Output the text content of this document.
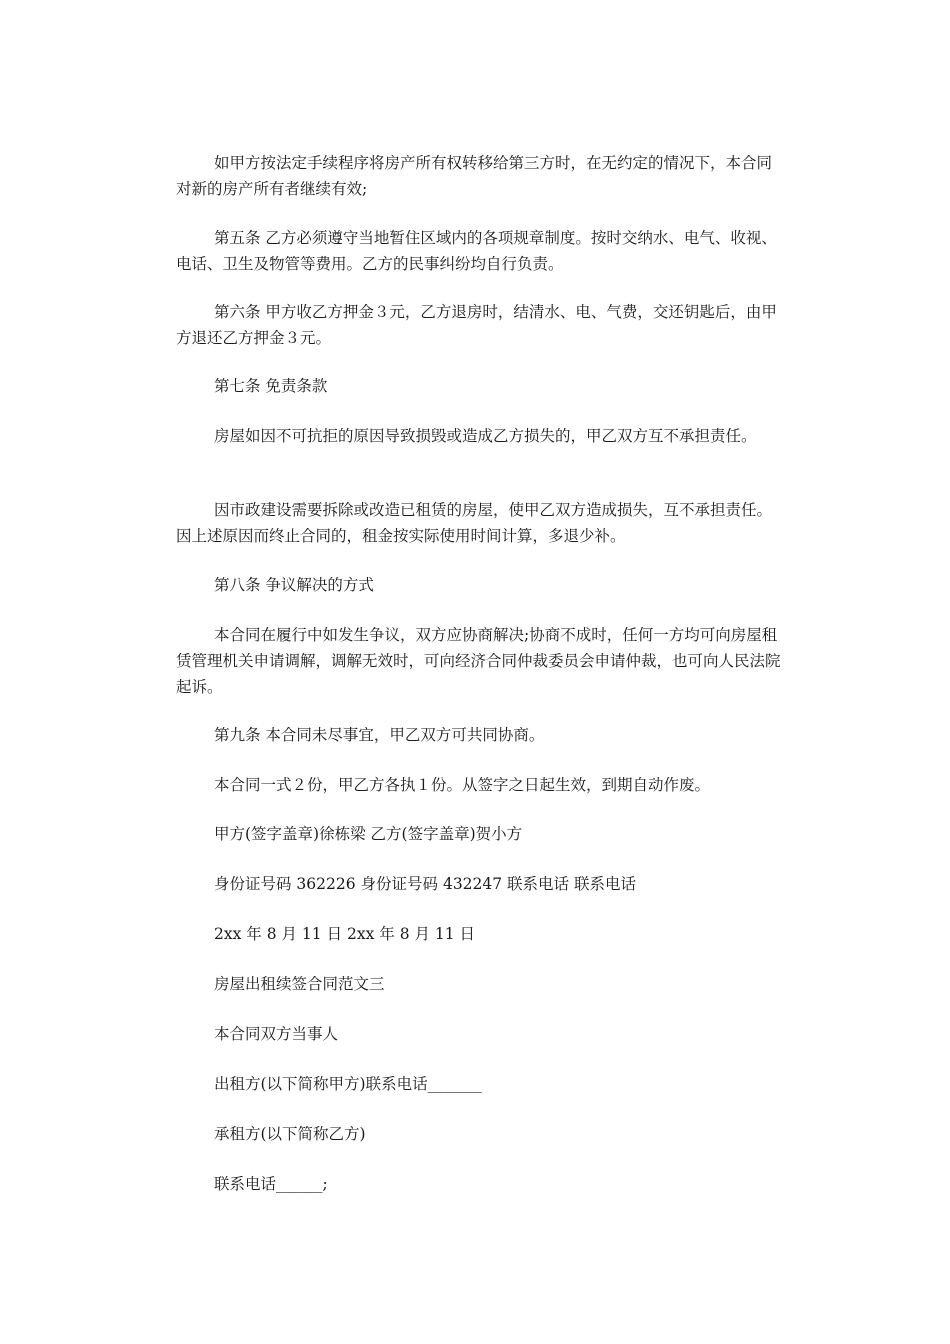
如甲方按法定手续程序将房产所有权转移给第三方时，在无约定的情况下，本合同对新的房产所有者继续有效;

第五条 乙方必须遵守当地暂住区域内的各项规章制度。按时交纳水、电气、收视、电话、卫生及物管等费用。乙方的民事纠纷均自行负责。

第六条 甲方收乙方押金３元，乙方退房时，结清水、电、气费，交还钥匙后，由甲方退还乙方押金３元。

第七条 免责条款

房屋如因不可抗拒的原因导致损毁或造成乙方损失的，甲乙双方互不承担责任。

因市政建设需要拆除或改造已租赁的房屋，使甲乙双方造成损失，互不承担责任。 因上述原因而终止合同的，租金按实际使用时间计算，多退少补。

第八条 争议解决的方式

本合同在履行中如发生争议，双方应协商解决;协商不成时，任何一方均可向房屋租赁管理机关申请调解，调解无效时，可向经济合同仲裁委员会申请仲裁，也可向人民法院起诉。

第九条 本合同未尽事宜，甲乙双方可共同协商。

本合同一式２份，甲乙方各执１份。从签字之日起生效，到期自动作废。

甲方(签字盖章)徐栋梁 乙方(签字盖章)贺小方

身份证号码 362226 身份证号码 432247 联系电话 联系电话

2xx 年 8 月 11 日 2xx 年 8 月 11 日

房屋出租续签合同范文三

本合同双方当事人

出租方(以下简称甲方)联系电话_______

承租方(以下简称乙方)

联系电话______;
